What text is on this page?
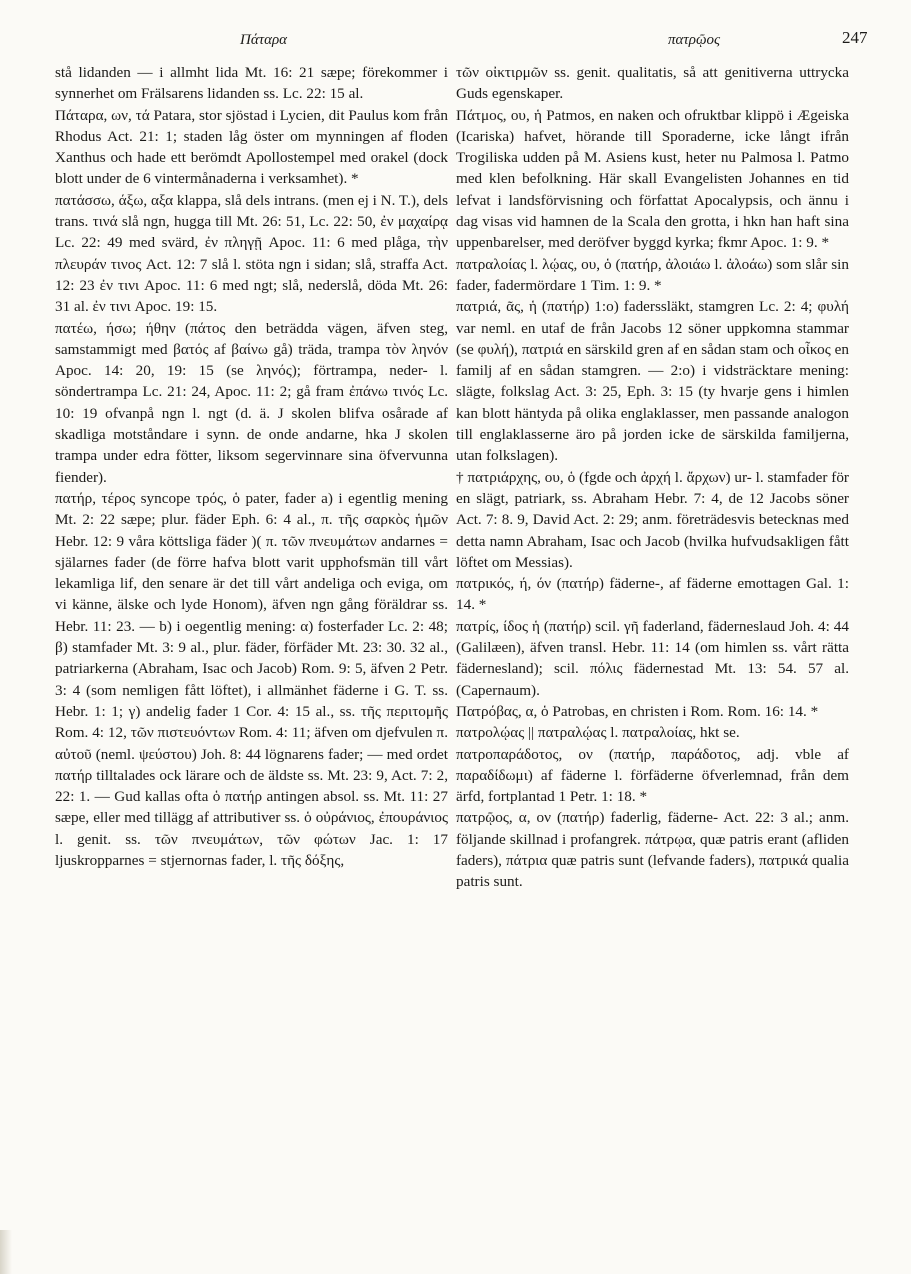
Πάταρα	πατρῷος	247

stå lidanden — i allmht lida Mt. 16: 21 sæpe; förekommer i synnerhet om Frälsarens lidanden ss. Lc. 22: 15 al.

Πάταρα, ων, τά Patara, stor sjöstad i Lycien, dit Paulus kom från Rhodus Act. 21: 1; staden låg öster om mynningen af floden Xanthus och hade ett berömdt Apollostempel med orakel (dock blott under de 6 vintermånaderna i verksamhet). *

πατάσσω, άξω, αξα klappa, slå dels intrans. (men ej i N. T.), dels trans. τινά slå ngn, hugga till Mt. 26: 51, Lc. 22: 50, ἐν μαχαίρᾳ Lc. 22: 49 med svärd, ἐν πληγῇ Apoc. 11: 6 med plåga, τὴν πλευράν τινος Act. 12: 7 slå l. stöta ngn i sidan; slå, straffa Act. 12: 23 ἐν τινι Apoc. 11: 6 med ngt; slå, nederslå, döda Mt. 26: 31 al. ἐν τινι Apoc. 19: 15.

πατέω, ήσω; ήθην (πάτος den beträdda vägen, äfven steg, samstammigt med βατός af βαίνω gå) träda, trampa τὸν ληνόν Apoc. 14: 20, 19: 15 (se ληνός); förtrampa, neder- l. söndertrampa Lc. 21: 24, Apoc. 11: 2; gå fram ἐπάνω τινός Lc. 10: 19 ofvanpå ngn l. ngt (d. ä. J skolen blifva osårade af skadliga motståndare i synn. de onde andarne, hka J skolen trampa under edra fötter, liksom segervinnare sina öfvervunna fiender).

πατήρ, τέρος syncope τρός, ὁ pater, fader a) i egentlig mening Mt. 2: 22 sæpe; plur. fäder Eph. 6: 4 al., π. τῆς σαρκὸς ἡμῶν Hebr. 12: 9 våra köttsliga fäder )( π. τῶν πνευμάτων andarnes = själarnes fader (de förre hafva blott varit upphofsmän till vårt lekamliga lif, den senare är det till vårt andeliga och eviga, om vi känne, älske och lyde Honom), äfven ngn gång föräldrar ss. Hebr. 11: 23. — b) i oegentlig mening: α) fosterfader Lc. 2: 48; β) stamfader Mt. 3: 9 al., plur. fäder, förfäder Mt. 23: 30. 32 al., patriarkerna (Abraham, Isac och Jacob) Rom. 9: 5, äfven 2 Petr. 3: 4 (som nemligen fått löftet), i allmänhet fäderne i G. T. ss. Hebr. 1: 1; γ) andelig fader 1 Cor. 4: 15 al., ss. τῆς περιτομῆς Rom. 4: 12, τῶν πιστευόντων Rom. 4: 11; äfven om djefvulen π. αὐτοῦ (neml. ψεύστου) Joh. 8: 44 lögnarens fader; — med ordet πατήρ tilltalades ock lärare och de äldste ss. Mt. 23: 9, Act. 7: 2, 22: 1. — Gud kallas ofta ὁ πατήρ antingen absol. ss. Mt. 11: 27 sæpe, eller med tillägg af attributiver ss. ὁ οὐράνιος, ἐπουράνιος l. genit. ss. τῶν πνευμάτων, τῶν φώτων Jac. 1: 17 ljuskropparnes = stjernornas fader, l. τῆς δόξης,

τῶν οἰκτιρμῶν ss. genit. qualitatis, så att genitiverna uttrycka Guds egenskaper.

Πάτμος, ου, ἡ Patmos, en naken och ofruktbar klippö i Ægeiska (Icariska) hafvet, hörande till Sporaderne, icke långt ifrån Trogiliska udden på M. Asiens kust, heter nu Palmosa l. Patmo med klen befolkning. Här skall Evangelisten Johannes en tid lefvat i landsförvisning och författat Apocalypsis, och ännu i dag visas vid hamnen de la Scala den grotta, i hkn han haft sina uppenbarelser, med deröfver byggd kyrka; fkmr Apoc. 1: 9. *

πατραλοίας l. λῴας, ου, ὁ (πατήρ, ἀλοιάω l. ἀλοάω) som slår sin fader, fadermördare 1 Tim. 1: 9. *

πατριά, ᾶς, ἡ (πατήρ) 1:o) faderssläkt, stamgren Lc. 2: 4; φυλή var neml. en utaf de från Jacobs 12 söner uppkomna stammar (se φυλή), πατριά en särskild gren af en sådan stam och οἶκος en familj af en sådan stamgren. — 2:o) i vidsträcktare mening: slägte, folkslag Act. 3: 25, Eph. 3: 15 (ty hvarje gens i himlen kan blott häntyda på olika englaklasser, men passande analogon till englaklasserne äro på jorden icke de särskilda familjerna, utan folkslagen).

† πατριάρχης, ου, ὁ (fgde och ἀρχή l. ἄρχων) ur- l. stamfader för en slägt, patriark, ss. Abraham Hebr. 7: 4, de 12 Jacobs söner Act. 7: 8. 9, David Act. 2: 29; anm. företrädesvis betecknas med detta namn Abraham, Isac och Jacob (hvilka hufvudsakligen fått löftet om Messias).

πατρικός, ή, όν (πατήρ) fäderne-, af fäderne emottagen Gal. 1: 14. *

πατρίς, ίδος ἡ (πατήρ) scil. γῆ faderland, fäderneslaud Joh. 4: 44 (Galilæen), äfven transl. Hebr. 11: 14 (om himlen ss. vårt rätta fädernesland); scil. πόλις fädernestad Mt. 13: 54. 57 al. (Capernaum).

Πατρόβας, α, ὁ Patrobas, en christen i Rom. Rom. 16: 14. *

πατρολῴας || πατραλῴας l. πατραλοίας, hkt se.

πατροπαράδοτος, ον (πατήρ, παράδοτος, adj. vble af παραδίδωμι) af fäderne l. förfäderne öfverlemnad, från dem ärfd, fortplantad 1 Petr. 1: 18. *

πατρῷος, α, ον (πατήρ) faderlig, fäderne- Act. 22: 3 al.; anm. följande skillnad i profangrek. πάτρῳα, quæ patris erant (afliden faders), πάτρια quæ patris sunt (lefvande faders), πατρικά qualia patris sunt.
